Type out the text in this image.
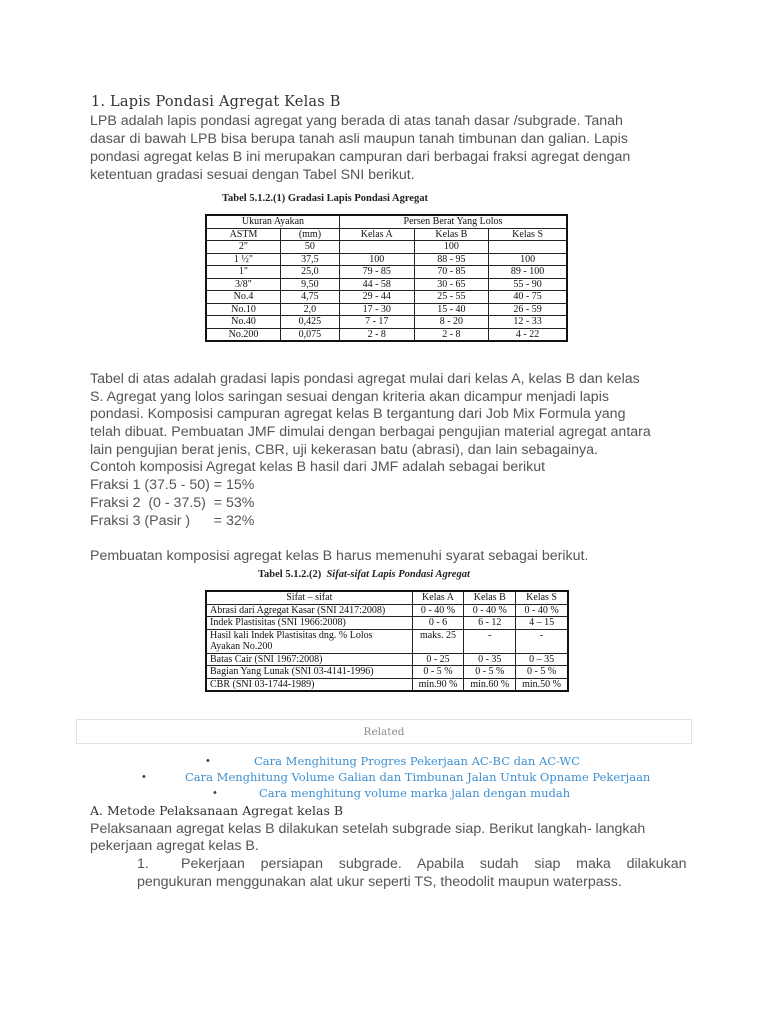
1. Lapis Pondasi Agregat Kelas B
LPB adalah lapis pondasi agregat yang berada di atas tanah dasar /subgrade. Tanah
dasar di bawah LPB bisa berupa tanah asli maupun tanah timbunan dan galian. Lapis
pondasi agregat kelas B ini merupakan campuran dari berbagai fraksi agregat dengan
ketentuan gradasi sesuai dengan Tabel SNI berikut.
Tabel 5.1.2.(1) Gradasi Lapis Pondasi Agregat
Ukuran Ayakan		Persen Berat Yang Lolos		
ASTM	(mm)	Kelas A	Kelas B	Kelas S
2"	50		100	
1 ½"	37,5	100	88 - 95	100
1"	25,0	79 - 85	70 - 85	89 - 100
3/8"	9,50	44 - 58	30 - 65	55 - 90
No.4	4,75	29 - 44	25 - 55	40 - 75
No.10	2,0	17 - 30	15 - 40	26 - 59
No.40	0,425	7 - 17	8 - 20	12 - 33
No.200	0,075	2 - 8	2 - 8	4 - 22
Tabel di atas adalah gradasi lapis pondasi agregat mulai dari kelas A, kelas B dan kelas
S. Agregat yang lolos saringan sesuai dengan kriteria akan dicampur menjadi lapis
pondasi. Komposisi campuran agregat kelas B tergantung dari Job Mix Formula yang
telah dibuat. Pembuatan JMF dimulai dengan berbagai pengujian material agregat antara
lain pengujian berat jenis, CBR, uji kekerasan batu (abrasi), dan lain sebagainya.
Contoh komposisi Agregat kelas B hasil dari JMF adalah sebagai berikut
Fraksi 1 (37.5 - 50) = 15%
Fraksi 2  (0 - 37.5)  = 53%
Fraksi 3 (Pasir )      = 32%
Pembuatan komposisi agregat kelas B harus memenuhi syarat sebagai berikut.
Tabel 5.1.2.(2) Sifat-sifat Lapis Pondasi Agregat
Sifat – sifat	Kelas A	Kelas B	Kelas S
Abrasi dari Agregat Kasar (SNI 2417:2008)	0 - 40 %	0 - 40 %	0 - 40 %
Indek Plastisitas (SNI 1966:2008)	0 - 6	6 - 12	4 – 15
Hasil kali Indek Plastisitas dng. % Lolos	maks. 25	-	-
Ayakan No.200			
Batas Cair (SNI 1967:2008)	0 - 25	0 - 35	0 – 35
Bagian Yang Lunak (SNI 03-4141-1996)	0 - 5 %	0 - 5 %	0 - 5 %
CBR (SNI 03-1744-1989)	min.90 %	min.60 %	min.50 %
Related
•	Cara Menghitung Progres Pekerjaan AC-BC dan AC-WC
•	Cara Menghitung Volume Galian dan Timbunan Jalan Untuk Opname Pekerjaan
•	Cara menghitung volume marka jalan dengan mudah
A. Metode Pelaksanaan Agregat kelas B
Pelaksanaan agregat kelas B dilakukan setelah subgrade siap. Berikut langkah- langkah
pekerjaan agregat kelas B.
1. Pekerjaan    persiapan    subgrade.    Apabila    sudah    siap    maka    dilakukan
pengukuran menggunakan alat ukur seperti TS, theodolit maupun waterpass.
